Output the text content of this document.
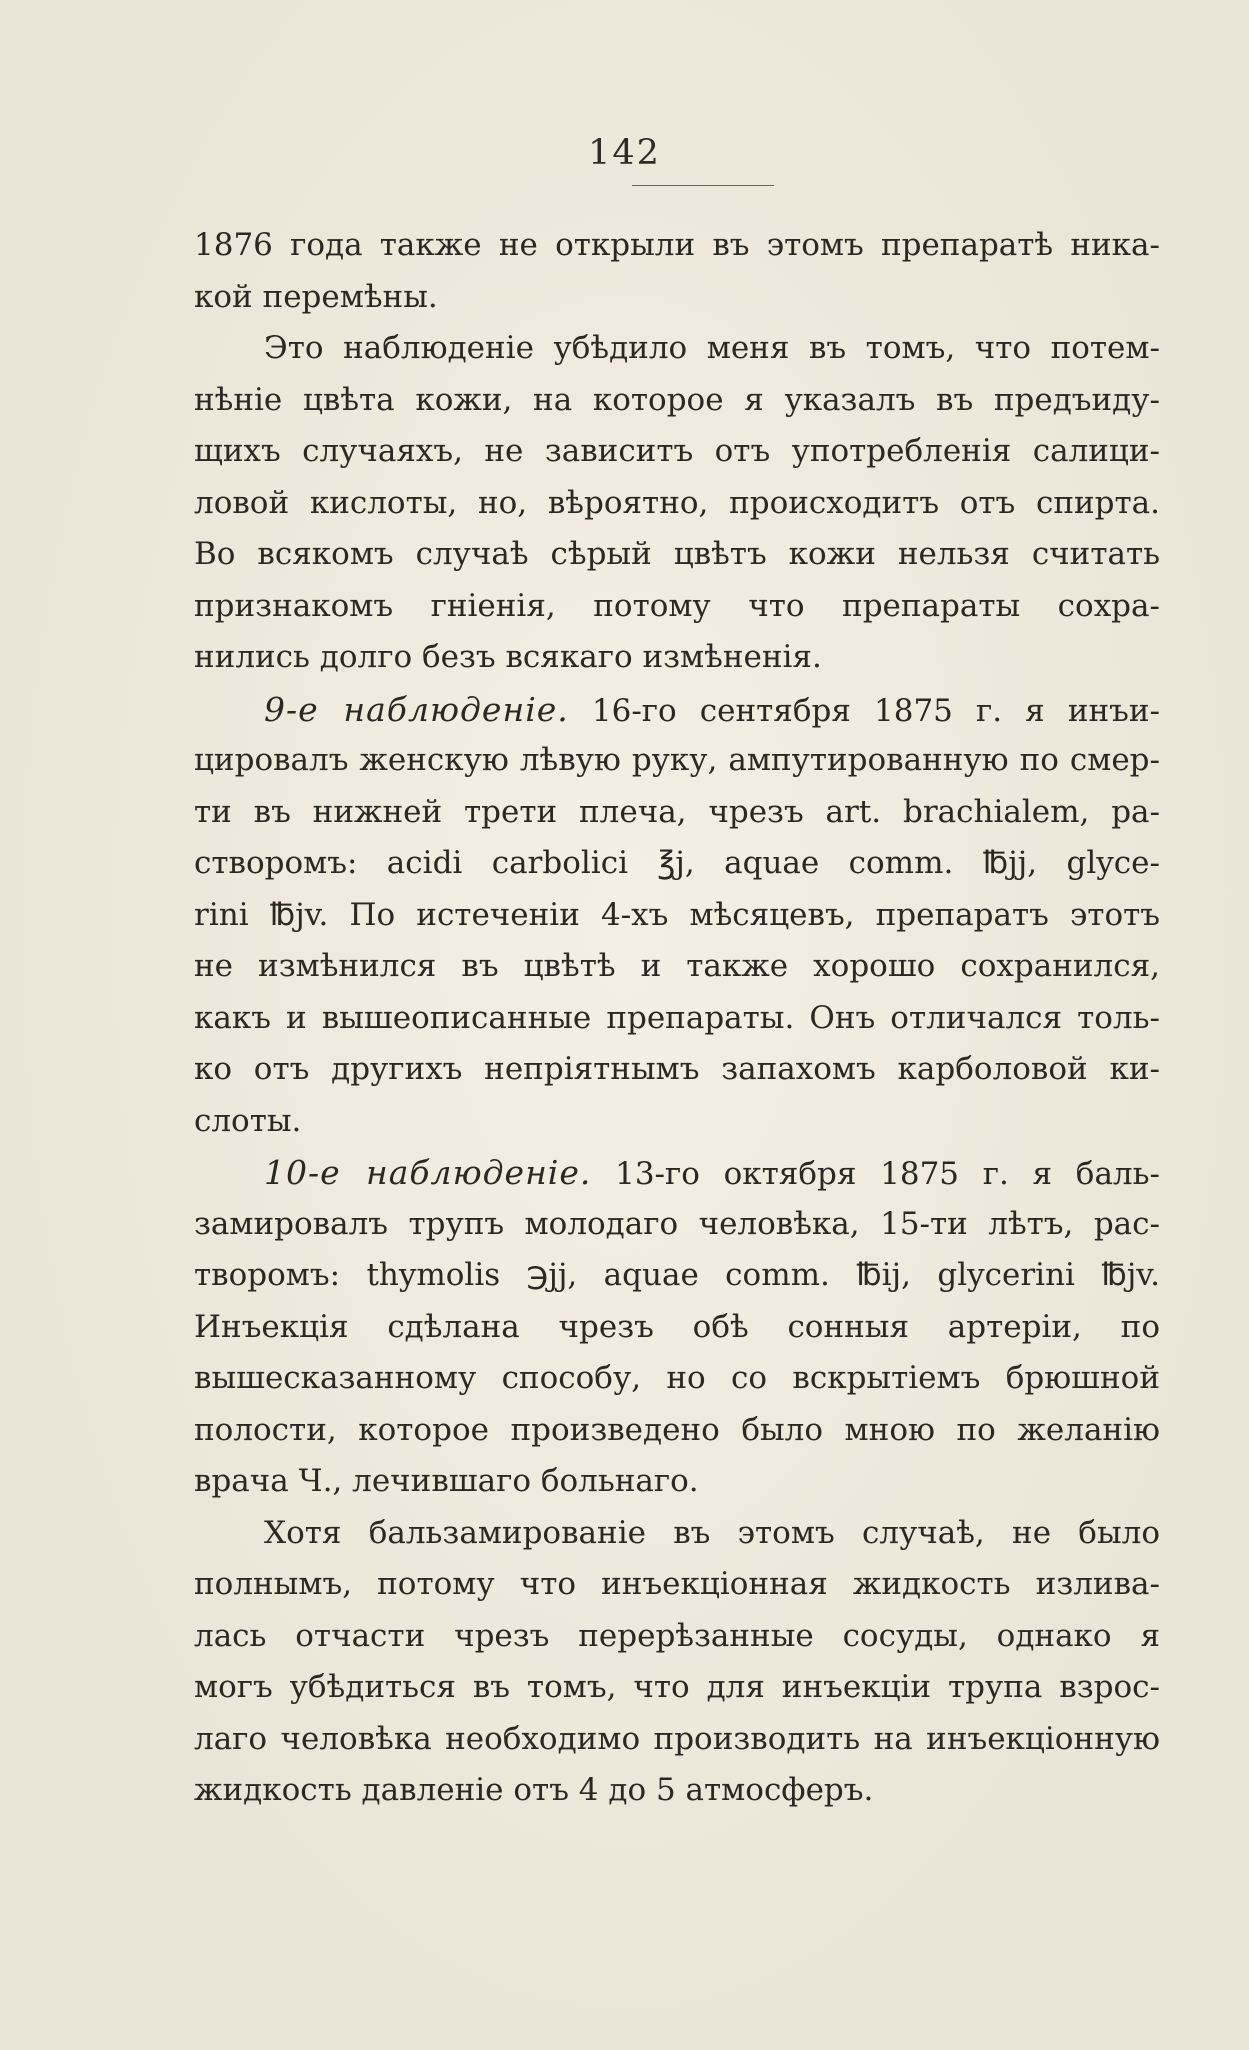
142
1876 года также не открыли въ этомъ препаратѣ ника-
кой перемѣны.
Это наблюденіе убѣдило меня въ томъ, что потем-
нѣніе цвѣта кожи, на которое я указалъ въ предъиду-
щихъ случаяхъ, не зависитъ отъ употребленія салици-
ловой кислоты, но, вѣроятно, происходитъ отъ спирта.
Во всякомъ случаѣ сѣрый цвѣтъ кожи нельзя считать
признакомъ гніенія, потому что препараты сохра-
нились долго безъ всякаго измѣненія.
9-е наблюденіе. 16-го сентября 1875 г. я инъи-
цировалъ женскую лѣвую руку, ампутированную по смер-
ти въ нижней трети плеча, чрезъ art. brachialem, ра-
створомъ: acidi carbolici ℥j, aquae comm. ℔jj, glyce-
rini ℔jv. По истеченіи 4-хъ мѣсяцевъ, препаратъ этотъ
не измѣнился въ цвѣтѣ и также хорошо сохранился,
какъ и вышеописанные препараты. Онъ отличался толь-
ко отъ другихъ непріятнымъ запахомъ карболовой ки-
слоты.
10-е наблюденіе. 13-го октября 1875 г. я баль-
замировалъ трупъ молодаго человѣка, 15-ти лѣтъ, рас-
творомъ: thymolis ℈jj, aquae comm. ℔ij, glycerini ℔jv.
Инъекція сдѣлана чрезъ обѣ сонныя артеріи, по
вышесказанному способу, но со вскрытіемъ брюшной
полости, которое произведено было мною по желанію
врача Ч., лечившаго больнаго.
Хотя бальзамированіе въ этомъ случаѣ, не было
полнымъ, потому что инъекціонная жидкость излива-
лась отчасти чрезъ перерѣзанные сосуды, однако я
могъ убѣдиться въ томъ, что для инъекціи трупа взрос-
лаго человѣка необходимо производить на инъекціонную
жидкость давленіе отъ 4 до 5 атмосферъ.
